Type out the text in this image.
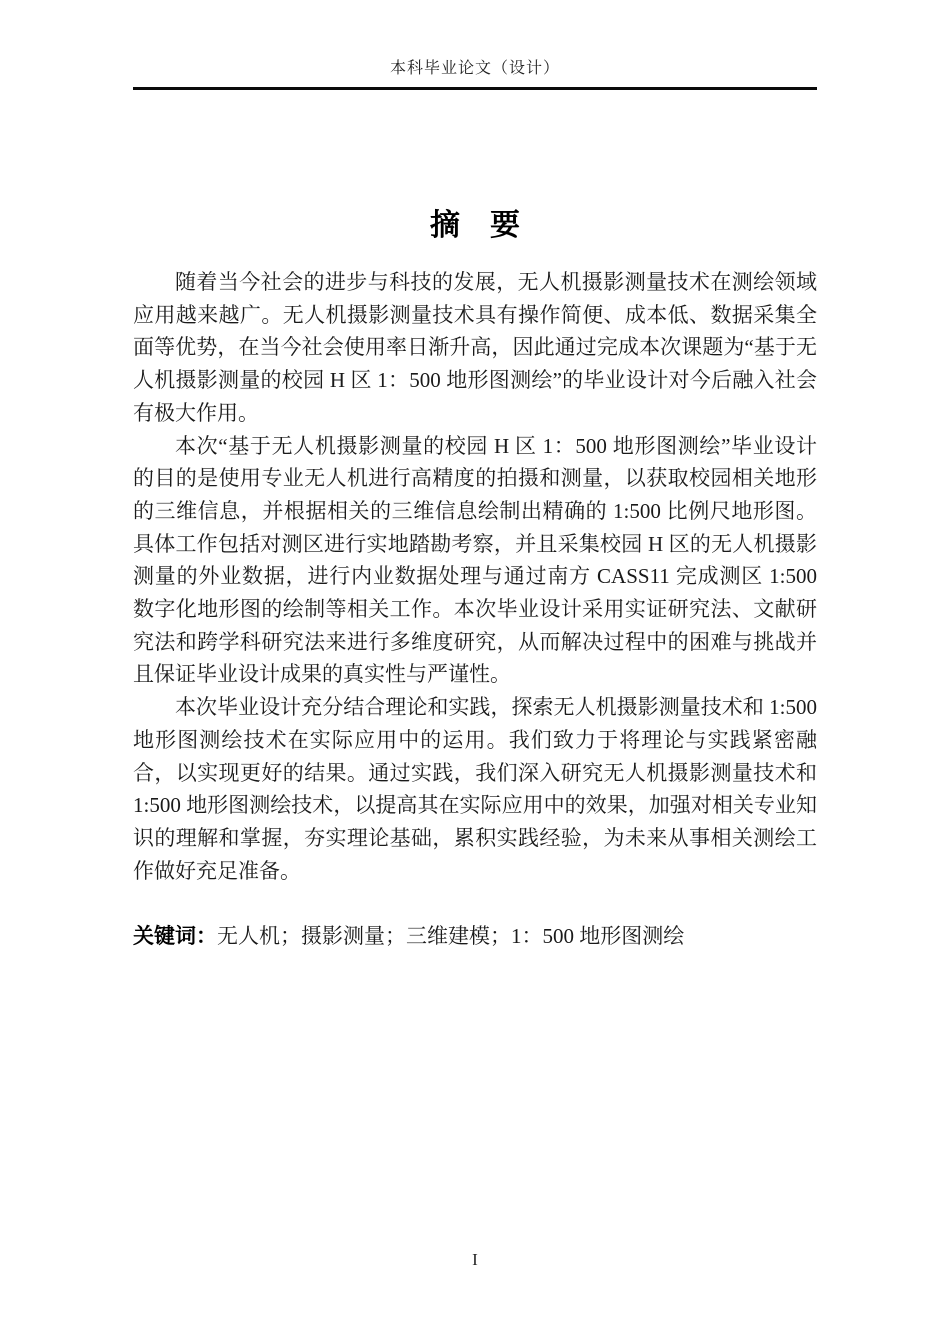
本科毕业论文（设计）
摘　要

随着当今社会的进步与科技的发展，无人机摄影测量技术在测绘领域应用越来越广。无人机摄影测量技术具有操作简便、成本低、数据采集全面等优势，在当今社会使用率日渐升高，因此通过完成本次课题为“基于无人机摄影测量的校园 H 区 1：500 地形图测绘”的毕业设计对今后融入社会有极大作用。

本次“基于无人机摄影测量的校园 H 区 1：500 地形图测绘”毕业设计的目的是使用专业无人机进行高精度的拍摄和测量，以获取校园相关地形的三维信息，并根据相关的三维信息绘制出精确的 1:500 比例尺地形图。具体工作包括对测区进行实地踏勘考察，并且采集校园 H 区的无人机摄影测量的外业数据，进行内业数据处理与通过南方 CASS11 完成测区 1:500 数字化地形图的绘制等相关工作。本次毕业设计采用实证研究法、文献研究法和跨学科研究法来进行多维度研究，从而解决过程中的困难与挑战并且保证毕业设计成果的真实性与严谨性。

本次毕业设计充分结合理论和实践，探索无人机摄影测量技术和 1:500 地形图测绘技术在实际应用中的运用。我们致力于将理论与实践紧密融合，以实现更好的结果。通过实践，我们深入研究无人机摄影测量技术和 1:500 地形图测绘技术，以提高其在实际应用中的效果，加强对相关专业知识的理解和掌握，夯实理论基础，累积实践经验，为未来从事相关测绘工作做好充足准备。

关键词：无人机；摄影测量；三维建模；1：500 地形图测绘
I
